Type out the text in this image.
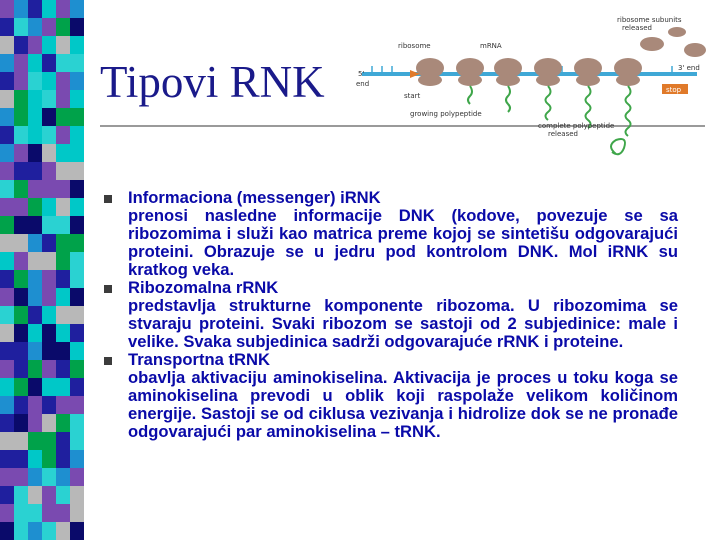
Tipovi RNK
ribosome subunits
released
ribosome	mRNA
5'
end
3' end
start
stop
growing polypeptide
complete polypeptide
released
Informaciona (messenger) iRNK
prenosi nasledne informacije DNK (kodove, povezuje se sa ribozomima i služi kao matrica preme kojoj se sintetišu odgovarajući proteini. Obrazuje se u jedru pod kontrolom DNK. Mol iRNK su kratkog veka.
Ribozomalna rRNK
predstavlja strukturne komponente ribozoma. U ribozomima se stvaraju proteini. Svaki ribozom se sastoji od 2 subjedinice: male i velike. Svaka subjedinica sadrži odgovarajuće rRNK i proteine.
Transportna tRNK
obavlja aktivaciju aminokiselina. Aktivacija je proces u toku koga se aminokiselina prevodi u oblik koji raspolaže velikom količinom energije. Sastoji se od ciklusa vezivanja i hidrolize dok se ne pronađe odgovarajući par aminokiselina – tRNK.
